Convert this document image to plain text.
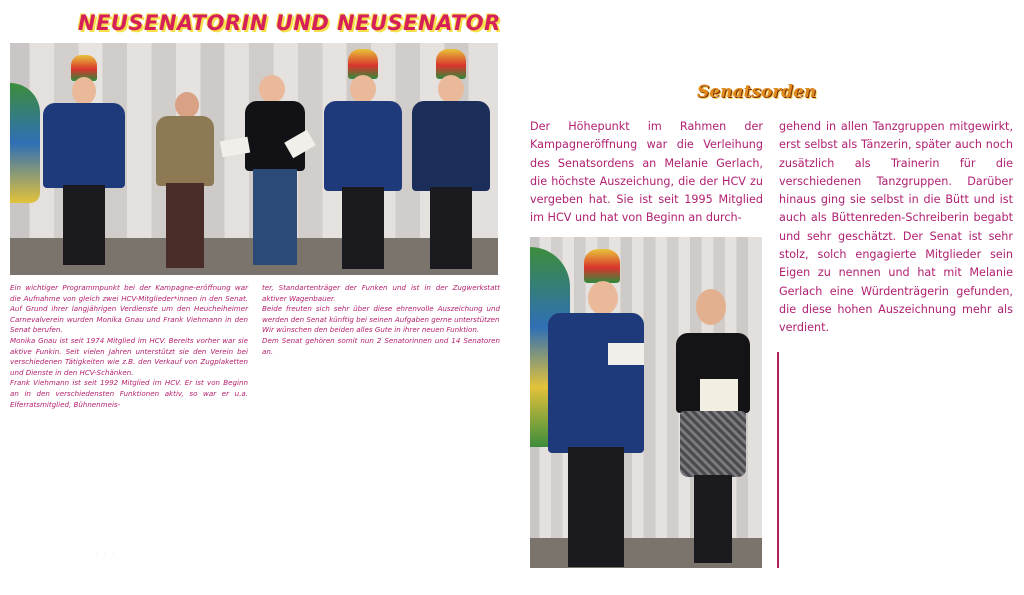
NEUSENATORIN UND NEUSENATOR

Ein wichtiger Programmpunkt bei der Kampagne-eröffnung war die Aufnahme von gleich zwei HCV-Mitglieder*innen in den Senat. Auf Grund ihrer langjährigen Verdienste um den Heucheiheimer Carnevalverein wurden Monika Gnau und Frank Viehmann in den Senat berufen.

Monika Gnau ist seit 1974 Mitglied im HCV. Bereits vorher war sie aktive Funkin. Seit vielen Jahren unterstützt sie den Verein bei verschiedenen Tätigkeiten wie z.B. den Verkauf von Zugplaketten und Dienste in den HCV-Schänken.

Frank Viehmann ist seit 1992 Mitglied im HCV. Er ist von Beginn an in den verschiedensten Funktionen aktiv, so war er u.a. Elferratsmitglied, Bühnenmeis-

ter, Standartenträger der Funken und ist in der Zugwerkstatt aktiver Wagenbauer.

Beide freuten sich sehr über diese ehrenvolle Auszeichung und werden den Senat künftig bei seinen Aufgaben gerne unterstützen

Wir wünschen den beiden alles Gute in ihrer neuen Funktion.

Dem Senat gehören somit nun 2 Senatorinnen und 14 Senatoren an.

· · ·
Senatsorden
Der Höhepunkt im Rahmen der Kampagneröffnung war die Verleihung des Senatsordens an Melanie Gerlach, die höchste Auszeichung, die der HCV zu vergeben hat. Sie ist seit 1995 Mitglied im HCV und hat von Beginn an durch-
gehend in allen Tanzgruppen mitgewirkt, erst selbst als Tänzerin, später auch noch zusätzlich als Trainerin für die verschiedenen Tanzgruppen. Darüber hinaus ging sie selbst in die Bütt und ist auch als Büttenreden-Schreiberin begabt und sehr geschätzt. Der Senat ist sehr stolz, solch engagierte Mitglieder sein Eigen zu nennen und hat mit Melanie Gerlach eine Würdenträgerin gefunden, die diese hohen Auszeichnung mehr als verdient.
